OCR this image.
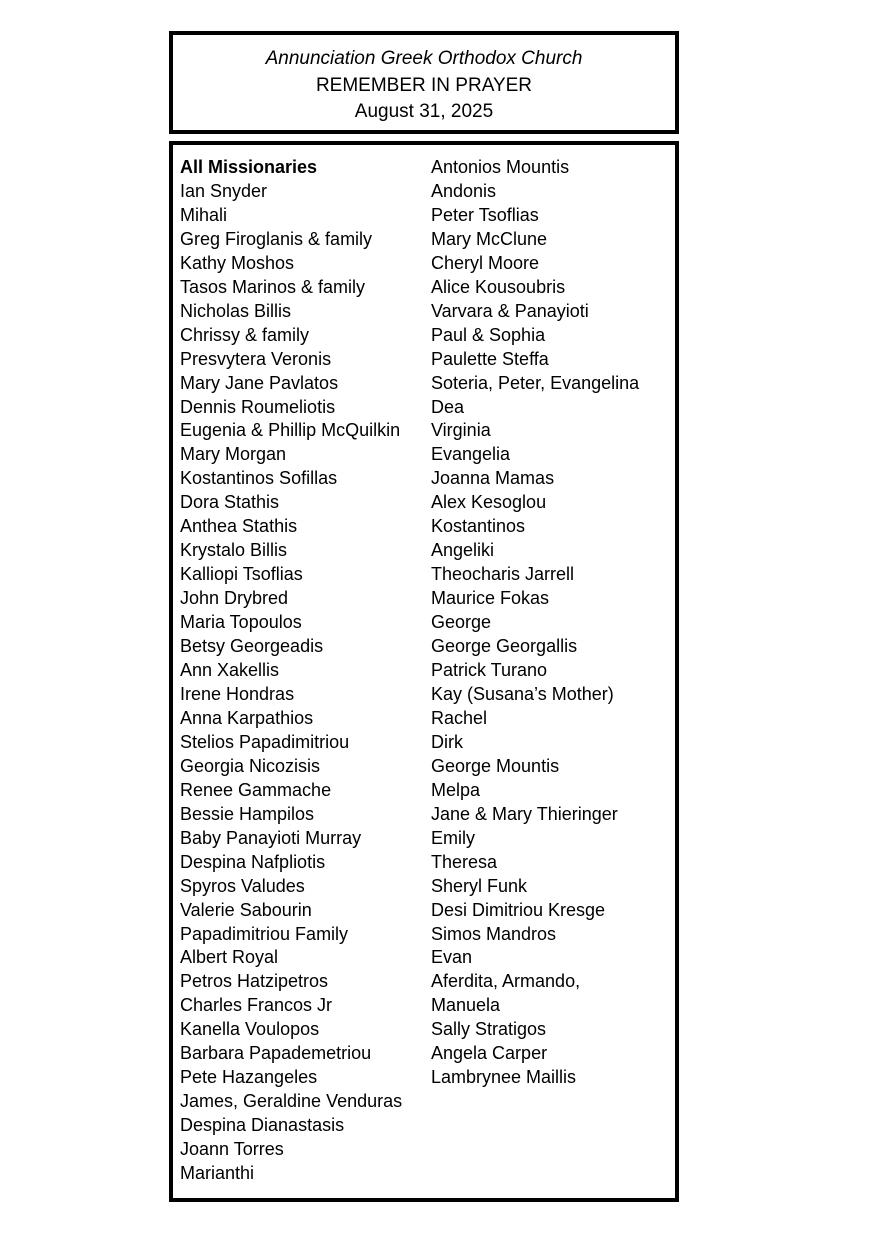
Annunciation Greek Orthodox Church
REMEMBER IN PRAYER
August 31, 2025
All Missionaries
Ian Snyder
Mihali
Greg Firoglanis & family
Kathy Moshos
Tasos Marinos & family
Nicholas Billis
Chrissy & family
Presvytera Veronis
Mary Jane Pavlatos
Dennis Roumeliotis
Eugenia & Phillip McQuilkin
Mary Morgan
Kostantinos Sofillas
Dora Stathis
Anthea Stathis
Krystalo Billis
Kalliopi Tsoflias
John Drybred
Maria Topoulos
Betsy Georgeadis
Ann Xakellis
Irene Hondras
Anna Karpathios
Stelios Papadimitriou
Georgia Nicozisis
Renee Gammache
Bessie Hampilos
Baby Panayioti Murray
Despina Nafpliotis
Spyros Valudes
Valerie Sabourin
Papadimitriou Family
Albert Royal
Petros Hatzipetros
Charles Francos Jr
Kanella Voulopos
Barbara Papademetriou
Pete Hazangeles
James, Geraldine Venduras
Despina Dianastasis
Joann Torres
Marianthi
Antonios Mountis
Andonis
Peter Tsoflias
Mary McClune
Cheryl Moore
Alice Kousoubris
Varvara & Panayioti
Paul & Sophia
Paulette Steffa
Soteria, Peter, Evangelina
Dea
Virginia
Evangelia
Joanna Mamas
Alex Kesoglou
Kostantinos
Angeliki
Theocharis Jarrell
Maurice Fokas
George
George Georgallis
Patrick Turano
Kay (Susana’s Mother)
Rachel
Dirk
George Mountis
Melpa
Jane & Mary Thieringer
Emily
Theresa
Sheryl Funk
Desi Dimitriou Kresge
Simos Mandros
Evan
Aferdita, Armando,
Manuela
Sally Stratigos
Angela Carper
Lambrynee Maillis
